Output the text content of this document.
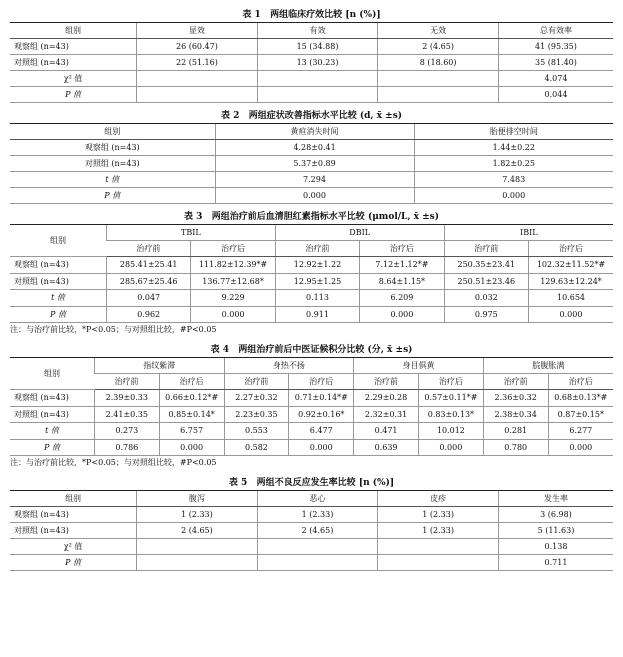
表 1   两组临床疗效比较 [n (%)]
组别	显效	有效	无效	总有效率
观察组 (n=43)	26 (60.47)	15 (34.88)	2 (4.65)	41 (95.35)
对照组 (n=43)	22 (51.16)	13 (30.23)	8 (18.60)	35 (81.40)
χ² 值				4.074
P 值				0.044
表 2   两组症状改善指标水平比较 (d, x̄ ±s)
组别	黄疸消失时间	胎便排空时间
观察组 (n=43)	4.28±0.41	1.44±0.22
对照组 (n=43)	5.37±0.89	1.82±0.25
t 值	7.294	7.483
P 值	0.000	0.000
表 3   两组治疗前后血清胆红素指标水平比较 (μmol/L, x̄ ±s)
组别	TBIL		DBIL		IBIL	
	治疗前	治疗后	治疗前	治疗后	治疗前	治疗后
观察组 (n=43)	285.41±25.41	111.82±12.39*#	12.92±1.22	7.12±1.12*#	250.35±23.41	102.32±11.52*#
对照组 (n=43)	285.67±25.46	136.77±12.68*	12.95±1.25	8.64±1.15*	250.51±23.46	129.63±12.24*
t 值	0.047	9.229	0.113	6.209	0.032	10.654
P 值	0.962	0.000	0.911	0.000	0.975	0.000
注：与治疗前比较，*P<0.05；与对照组比较，#P<0.05
表 4   两组治疗前后中医证候积分比较 (分, x̄ ±s)
组别	指纹紫滞		身热不扬		身目俱黄		脘腹胀满	
	治疗前	治疗后	治疗前	治疗后	治疗前	治疗后	治疗前	治疗后
观察组 (n=43)	2.39±0.33	0.66±0.12*#	2.27±0.32	0.71±0.14*#	2.29±0.28	0.57±0.11*#	2.36±0.32	0.68±0.13*#
对照组 (n=43)	2.41±0.35	0.85±0.14*	2.23±0.35	0.92±0.16*	2.32±0.31	0.83±0.13*	2.38±0.34	0.87±0.15*
t 值	0.273	6.757	0.553	6.477	0.471	10.012	0.281	6.277
P 值	0.786	0.000	0.582	0.000	0.639	0.000	0.780	0.000
注：与治疗前比较，*P<0.05；与对照组比较，#P<0.05
表 5   两组不良反应发生率比较 [n (%)]
组别	腹泻	恶心	皮疹	发生率
观察组 (n=43)	1 (2.33)	1 (2.33)	1 (2.33)	3 (6.98)
对照组 (n=43)	2 (4.65)	2 (4.65)	1 (2.33)	5 (11.63)
χ² 值				0.138
P 值				0.711
